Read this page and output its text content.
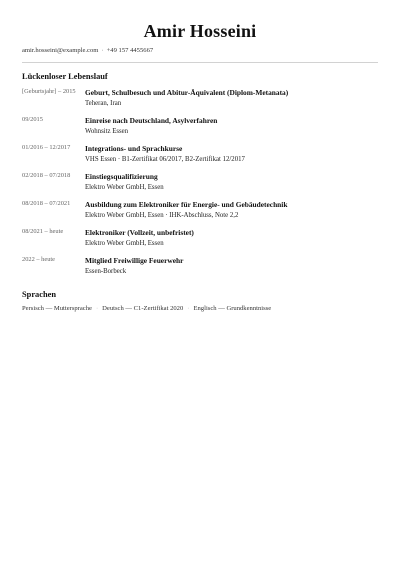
Amir Hosseini
amir.hosseini@example.com · +49 157 4455667
Lückenloser Lebenslauf
[Geburtsjahr] – 2015	Geburt, Schulbesuch und Abitur-Äquivalent (Diplom-Metanata)
Teheran, Iran
09/2015	Einreise nach Deutschland, Asylverfahren
Wohnsitz Essen
01/2016 – 12/2017	Integrations- und Sprachkurse
VHS Essen · B1-Zertifikat 06/2017, B2-Zertifikat 12/2017
02/2018 – 07/2018	Einstiegsqualifizierung
Elektro Weber GmbH, Essen
08/2018 – 07/2021	Ausbildung zum Elektroniker für Energie- und Gebäudetechnik
Elektro Weber GmbH, Essen · IHK-Abschluss, Note 2,2
08/2021 – heute	Elektroniker (Vollzeit, unbefristet)
Elektro Weber GmbH, Essen
2022 – heute	Mitglied Freiwillige Feuerwehr
Essen-Borbeck
Sprachen
Persisch — Muttersprache · Deutsch — C1-Zertifikat 2020 · Englisch — Grundkenntnisse
